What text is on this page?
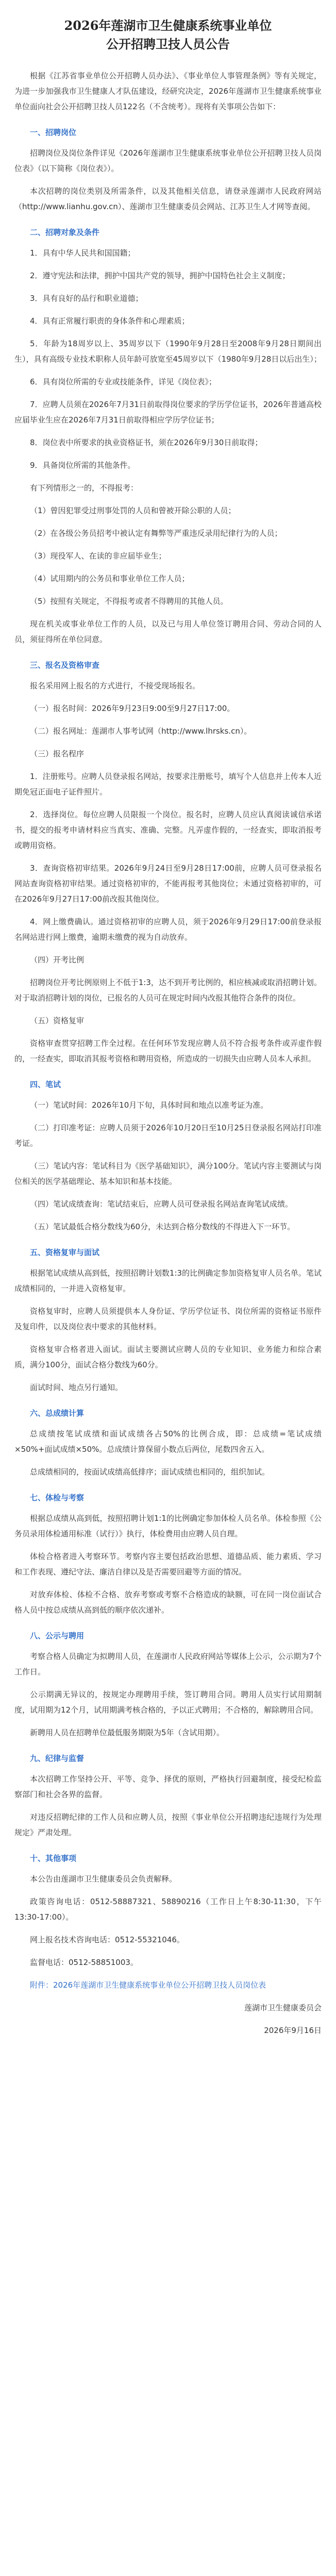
2026年莲湖市卫生健康系统事业单位
公开招聘卫技人员公告

根据《江苏省事业单位公开招聘人员办法》、《事业单位人事管理条例》等有关规定，为进一步加强我市卫生健康人才队伍建设，经研究决定，2026年莲湖市卫生健康系统事业单位面向社会公开招聘卫技人员122名（不含统考）。现将有关事项公告如下：

一、招聘岗位

招聘岗位及岗位条件详见《2026年莲湖市卫生健康系统事业单位公开招聘卫技人员岗位表》（以下简称《岗位表》）。

本次招聘的岗位类别及所需条件，以及其他相关信息，请登录莲湖市人民政府网站（http://www.lianhu.gov.cn）、莲湖市卫生健康委员会网站、江苏卫生人才网等查阅。

二、招聘对象及条件

1．具有中华人民共和国国籍；

2．遵守宪法和法律，拥护中国共产党的领导，拥护中国特色社会主义制度；

3．具有良好的品行和职业道德；

4．具有正常履行职责的身体条件和心理素质；

5．年龄为18周岁以上、35周岁以下（1990年9月28日至2008年9月28日期间出生），具有高级专业技术职称人员年龄可放宽至45周岁以下（1980年9月28日以后出生）；

6．具有岗位所需的专业或技能条件，详见《岗位表》；

7．应聘人员须在2026年7月31日前取得岗位要求的学历学位证书，2026年普通高校应届毕业生应在2026年7月31日前取得相应学历学位证书；

8．岗位表中所要求的执业资格证书，须在2026年9月30日前取得；

9．具备岗位所需的其他条件。

有下列情形之一的，不得报考：

（1）曾因犯罪受过刑事处罚的人员和曾被开除公职的人员；

（2）在各级公务员招考中被认定有舞弊等严重违反录用纪律行为的人员；

（3）现役军人、在读的非应届毕业生；

（4）试用期内的公务员和事业单位工作人员；

（5）按照有关规定，不得报考或者不得聘用的其他人员。

现在机关或事业单位工作的人员，以及已与用人单位签订聘用合同、劳动合同的人员，须征得所在单位同意。

三、报名及资格审查

报名采用网上报名的方式进行，不接受现场报名。

（一）报名时间：2026年9月23日9:00至9月27日17:00。

（二）报名网址：莲湖市人事考试网（http://www.lhrsks.cn）。

（三）报名程序

1．注册账号。应聘人员登录报名网站，按要求注册账号，填写个人信息并上传本人近期免冠正面电子证件照片。

2．选择岗位。每位应聘人员限报一个岗位。报名时，应聘人员应认真阅读诚信承诺书，提交的报考申请材料应当真实、准确、完整。凡弄虚作假的，一经查实，即取消报考或聘用资格。

3．查询资格初审结果。2026年9月24日至9月28日17:00前，应聘人员可登录报名网站查询资格初审结果。通过资格初审的，不能再报考其他岗位；未通过资格初审的，可在2026年9月27日17:00前改报其他岗位。

4．网上缴费确认。通过资格初审的应聘人员，须于2026年9月29日17:00前登录报名网站进行网上缴费，逾期未缴费的视为自动放弃。

（四）开考比例

招聘岗位开考比例原则上不低于1:3，达不到开考比例的，相应核减或取消招聘计划。对于取消招聘计划的岗位，已报名的人员可在规定时间内改报其他符合条件的岗位。

（五）资格复审

资格审查贯穿招聘工作全过程。在任何环节发现应聘人员不符合报考条件或弄虚作假的，一经查实，即取消其报考资格和聘用资格，所造成的一切损失由应聘人员本人承担。

四、笔试

（一）笔试时间：2026年10月下旬，具体时间和地点以准考证为准。

（二）打印准考证：应聘人员须于2026年10月20日至10月25日登录报名网站打印准考证。

（三）笔试内容：笔试科目为《医学基础知识》，满分100分。笔试内容主要测试与岗位相关的医学基础理论、基本知识和基本技能。

（四）笔试成绩查询：笔试结束后，应聘人员可登录报名网站查询笔试成绩。

（五）笔试最低合格分数线为60分，未达到合格分数线的不得进入下一环节。

五、资格复审与面试

根据笔试成绩从高到低，按照招聘计划数1:3的比例确定参加资格复审人员名单。笔试成绩相同的，一并进入资格复审。

资格复审时，应聘人员须提供本人身份证、学历学位证书、岗位所需的资格证书原件及复印件，以及岗位表中要求的其他材料。

资格复审合格者进入面试。面试主要测试应聘人员的专业知识、业务能力和综合素质，满分100分，面试合格分数线为60分。

面试时间、地点另行通知。

六、总成绩计算

总成绩按笔试成绩和面试成绩各占50%的比例合成，即：总成绩=笔试成绩×50%+面试成绩×50%。总成绩计算保留小数点后两位，尾数四舍五入。

总成绩相同的，按面试成绩高低排序；面试成绩也相同的，组织加试。

七、体检与考察

根据总成绩从高到低，按照招聘计划1:1的比例确定参加体检人员名单。体检参照《公务员录用体检通用标准（试行）》执行，体检费用由应聘人员自理。

体检合格者进入考察环节。考察内容主要包括政治思想、道德品质、能力素质、学习和工作表现、遵纪守法、廉洁自律以及是否需要回避等方面的情况。

对放弃体检、体检不合格、放弃考察或考察不合格造成的缺额，可在同一岗位面试合格人员中按总成绩从高到低的顺序依次递补。

八、公示与聘用

考察合格人员确定为拟聘用人员，在莲湖市人民政府网站等媒体上公示，公示期为7个工作日。

公示期满无异议的，按规定办理聘用手续，签订聘用合同。聘用人员实行试用期制度，试用期为12个月，试用期满考核合格的，予以正式聘用；不合格的，解除聘用合同。

新聘用人员在招聘单位最低服务期限为5年（含试用期）。

九、纪律与监督

本次招聘工作坚持公开、平等、竞争、择优的原则，严格执行回避制度，接受纪检监察部门和社会各界的监督。

对违反招聘纪律的工作人员和应聘人员，按照《事业单位公开招聘违纪违规行为处理规定》严肃处理。

十、其他事项

本公告由莲湖市卫生健康委员会负责解释。

政策咨询电话：0512-58887321、58890216（工作日上午8:30-11:30，下午13:30-17:00）。

网上报名技术咨询电话：0512-55321046。

监督电话：0512-58851003。

附件：2026年莲湖市卫生健康系统事业单位公开招聘卫技人员岗位表

莲湖市卫生健康委员会

2026年9月16日
